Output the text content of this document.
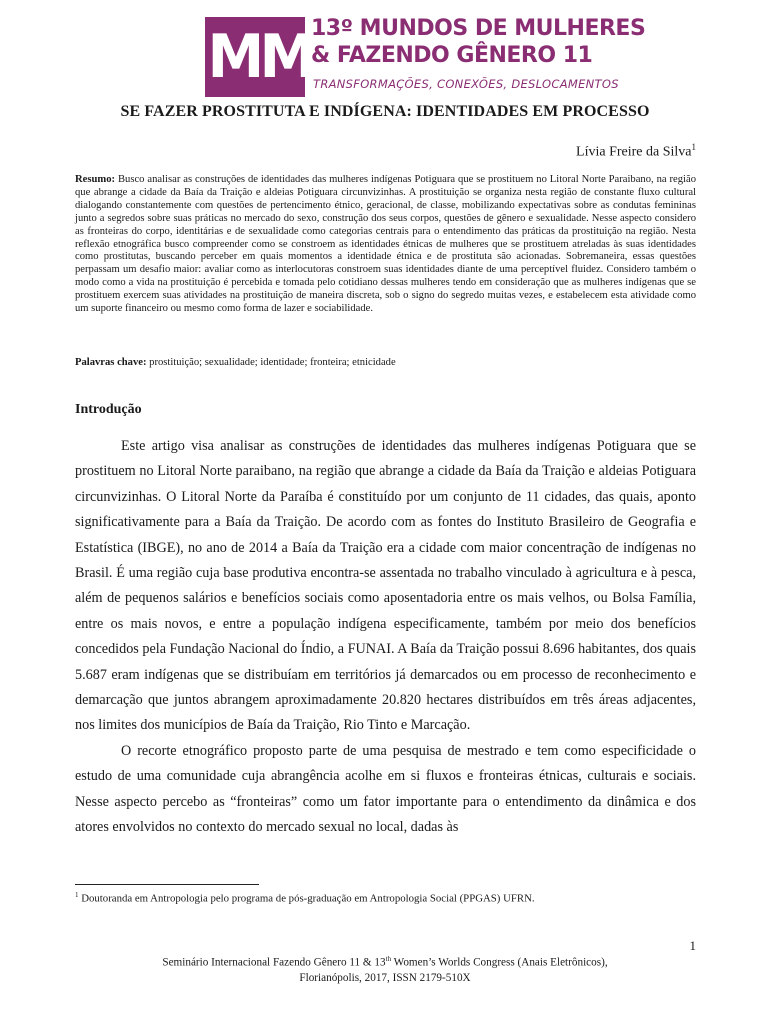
MM 13º MUNDOS DE MULHERES
& FAZENDO GÊNERO 11
TRANSFORMAÇÕES, CONEXÕES, DESLOCAMENTOS
SE FAZER PROSTITUTA E INDÍGENA: IDENTIDADES EM PROCESSO
Lívia Freire da Silva$^1$
Resumo: Busco analisar as construções de identidades das mulheres indígenas Potiguara que se prostituem no Litoral Norte Paraibano, na região que abrange a cidade da Baía da Traição e aldeias Potiguara circunvizinhas. A prostituição se organiza nesta região de constante fluxo cultural dialogando constantemente com questões de pertencimento étnico, geracional, de classe, mobilizando expectativas sobre as condutas femininas junto a segredos sobre suas práticas no mercado do sexo, construção dos seus corpos, questões de gênero e sexualidade. Nesse aspecto considero as fronteiras do corpo, identitárias e de sexualidade como categorias centrais para o entendimento das práticas da prostituição na região. Nesta reflexão etnográfica busco compreender como se constroem as identidades étnicas de mulheres que se prostituem atreladas às suas identidades como prostitutas, buscando perceber em quais momentos a identidade étnica e de prostituta são acionadas. Sobremaneira, essas questões perpassam um desafio maior: avaliar como as interlocutoras constroem suas identidades diante de uma perceptível fluidez. Considero também o modo como a vida na prostituição é percebida e tomada pelo cotidiano dessas mulheres tendo em consideração que as mulheres indígenas que se prostituem exercem suas atividades na prostituição de maneira discreta, sob o signo do segredo muitas vezes, e estabelecem esta atividade como um suporte financeiro ou mesmo como forma de lazer e sociabilidade.
Palavras chave: prostituição; sexualidade; identidade; fronteira; etnicidade
Introdução

Este artigo visa analisar as construções de identidades das mulheres indígenas Potiguara que se prostituem no Litoral Norte paraibano, na região que abrange a cidade da Baía da Traição e aldeias Potiguara circunvizinhas. O Litoral Norte da Paraíba é constituído por um conjunto de 11 cidades, das quais, aponto significativamente para a Baía da Traição. De acordo com as fontes do Instituto Brasileiro de Geografia e Estatística (IBGE), no ano de 2014 a Baía da Traição era a cidade com maior concentração de indígenas no Brasil. É uma região cuja base produtiva encontra-se assentada no trabalho vinculado à agricultura e à pesca, além de pequenos salários e benefícios sociais como aposentadoria entre os mais velhos, ou Bolsa Família, entre os mais novos, e entre a população indígena especificamente, também por meio dos benefícios concedidos pela Fundação Nacional do Índio, a FUNAI. A Baía da Traição possui 8.696 habitantes, dos quais 5.687 eram indígenas que se distribuíam em territórios já demarcados ou em processo de reconhecimento e demarcação que juntos abrangem aproximadamente 20.820 hectares distribuídos em três áreas adjacentes, nos limites dos municípios de Baía da Traição, Rio Tinto e Marcação.

O recorte etnográfico proposto parte de uma pesquisa de mestrado e tem como especificidade o estudo de uma comunidade cuja abrangência acolhe em si fluxos e fronteiras étnicas, culturais e sociais. Nesse aspecto percebo as “fronteiras” como um fator importante para o entendimento da dinâmica e dos atores envolvidos no contexto do mercado sexual no local, dadas às

$^1$ Doutoranda em Antropologia pelo programa de pós-graduação em Antropologia Social (PPGAS) UFRN.
1
Seminário Internacional Fazendo Gênero 11 & 13th Women’s Worlds Congress (Anais Eletrônicos),
Florianópolis, 2017, ISSN 2179-510X
